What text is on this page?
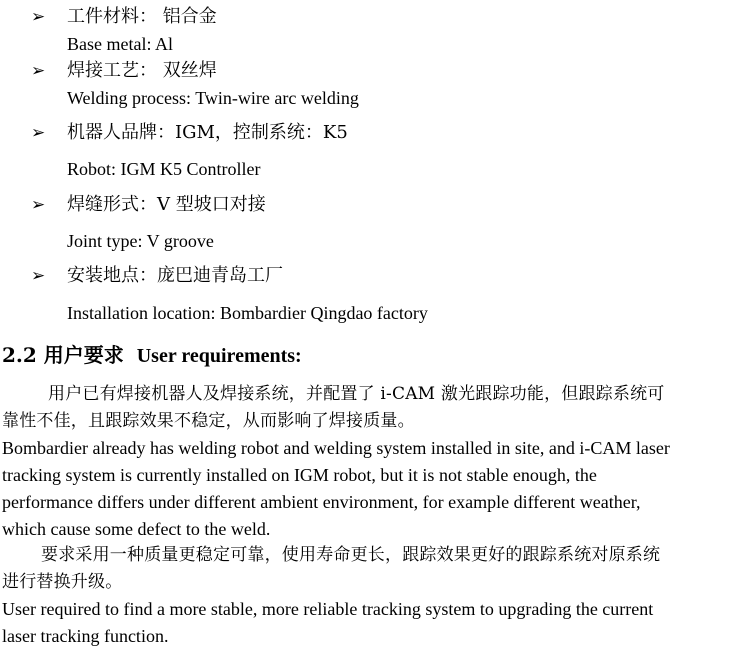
➢ 工件材料： 铝合金
Base metal: Al
➢ 焊接工艺： 双丝焊
Welding process: Twin-wire arc welding
➢ 机器人品牌：IGM，控制系统：K5
Robot: IGM K5 Controller
➢ 焊缝形式：V 型坡口对接
Joint type: V groove
➢ 安装地点：庞巴迪青岛工厂
Installation location: Bombardier Qingdao factory
2.2 用户要求 User requirements:
用户已有焊接机器人及焊接系统，并配置了 i-CAM 激光跟踪功能，但跟踪系统可
靠性不佳，且跟踪效果不稳定，从而影响了焊接质量。
Bombardier already has welding robot and welding system installed in site, and i-CAM laser
tracking system is currently installed on IGM robot, but it is not stable enough, the
performance differs under different ambient environment, for example different weather,
which cause some defect to the weld.
要求采用一种质量更稳定可靠，使用寿命更长，跟踪效果更好的跟踪系统对原系统
进行替换升级。
User required to find a more stable, more reliable tracking system to upgrading the current
laser tracking function.
